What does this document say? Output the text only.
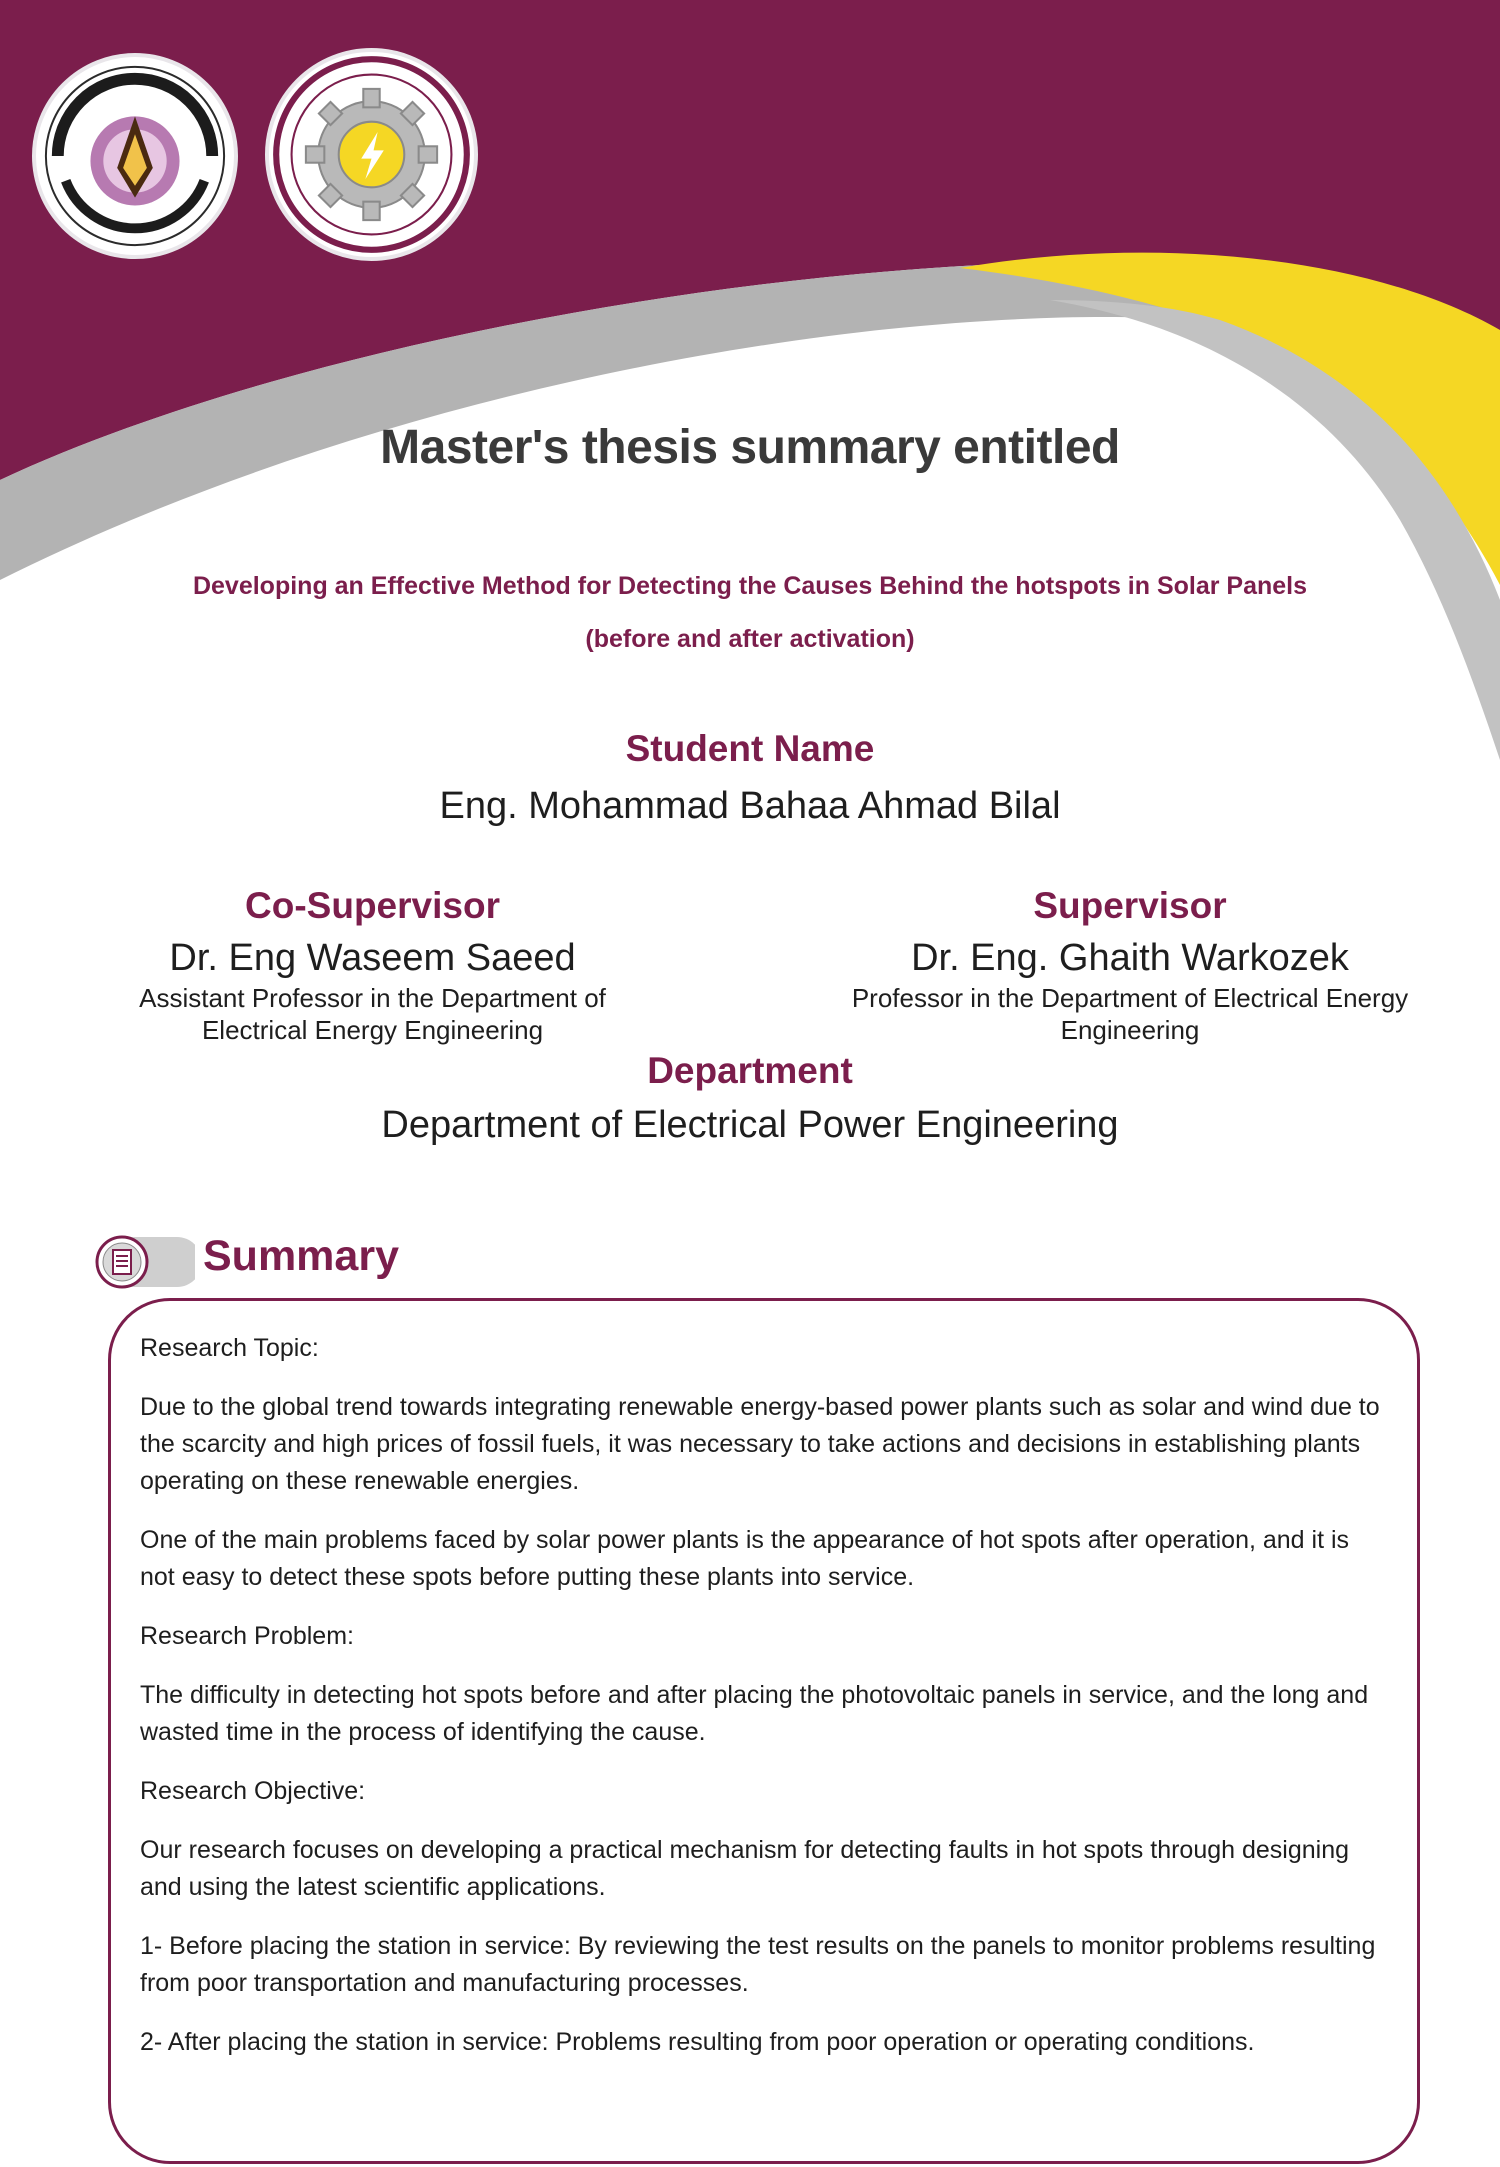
Master's thesis summary entitled
Developing an Effective Method for Detecting the Causes Behind the hotspots in Solar Panels
(before and after activation)
Student Name
Eng. Mohammad Bahaa Ahmad Bilal
Co-Supervisor
Dr. Eng Waseem Saeed
Assistant Professor in the Department of
Electrical Energy Engineering
Supervisor
Dr. Eng. Ghaith Warkozek
Professor in the Department of Electrical Energy
Engineering
Department
Department of Electrical Power Engineering
Summary

Research Topic:

Due to the global trend towards integrating renewable energy-based power plants such as solar and wind due to the scarcity and high prices of fossil fuels, it was necessary to take actions and decisions in establishing plants operating on these renewable energies.

One of the main problems faced by solar power plants is the appearance of hot spots after operation, and it is not easy to detect these spots before putting these plants into service.

Research Problem:

The difficulty in detecting hot spots before and after placing the photovoltaic panels in service, and the long and wasted time in the process of identifying the cause.

Research Objective:

Our research focuses on developing a practical mechanism for detecting faults in hot spots through designing and using the latest scientific applications.

1- Before placing the station in service: By reviewing the test results on the panels to monitor problems resulting from poor transportation and manufacturing processes.

2- After placing the station in service: Problems resulting from poor operation or operating conditions.
